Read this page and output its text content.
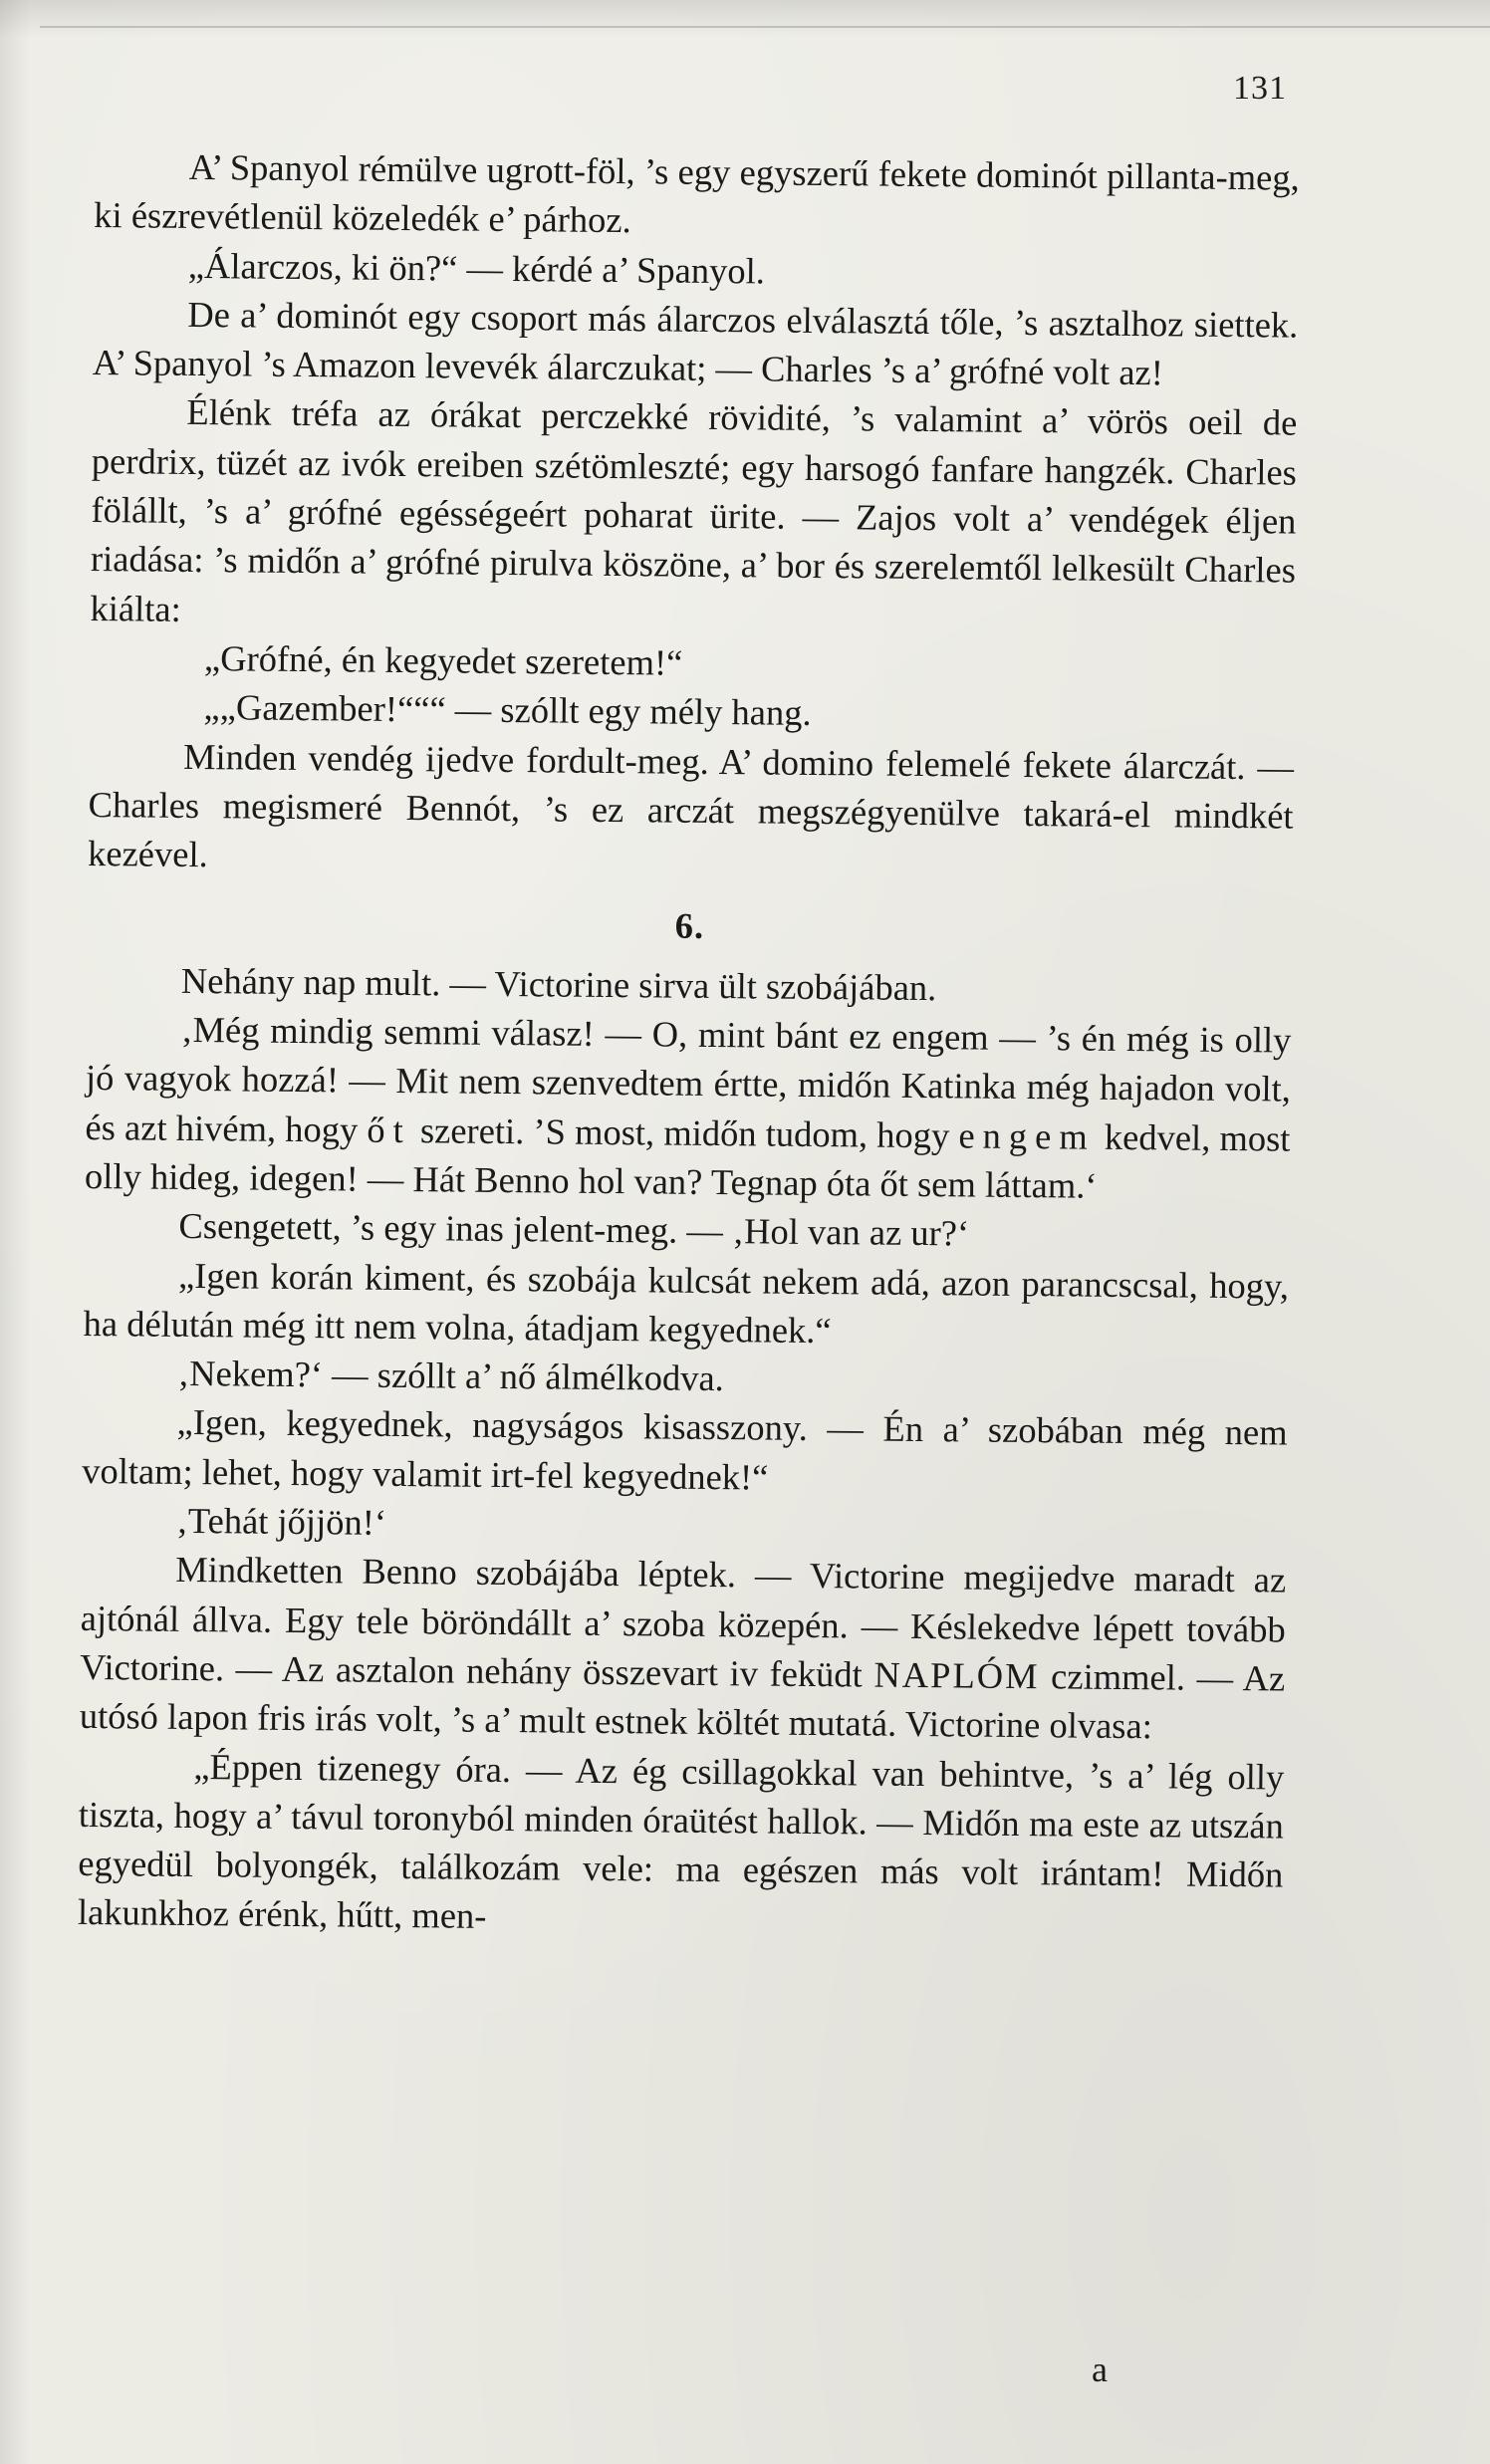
131

A’ Spanyol rémülve ugrott-föl, ’s egy egyszerű fekete dominót pillanta-meg, ki észrevétlenül közeledék e’ párhoz.

„Álarczos, ki ön?“ — kérdé a’ Spanyol.

De a’ dominót egy csoport más álarczos elválasztá tőle, ’s asztalhoz siettek. A’ Spanyol ’s Amazon levevék álarczukat; — Charles ’s a’ grófné volt az!

Élénk tréfa az órákat perczekké rövidité, ’s valamint a’ vörös oeil de perdrix, tüzét az ivók ereiben szétömleszté; egy harsogó fanfare hangzék. Charles fölállt, ’s a’ grófné egésségeért poharat ürite. — Zajos volt a’ vendégek éljen riadása: ’s midőn a’ grófné pirulva köszöne, a’ bor és szerelemtől lelkesült Charles kiálta:

„Grófné, én kegyedet szeretem!“

„„Gazember!“““ — szóllt egy mély hang.

Minden vendég ijedve fordult-meg. A’ domino felemelé fekete álarczát. — Charles megismeré Bennót, ’s ez arczát megszégyenülve takará-el mindkét kezével.

6.

Nehány nap mult. — Victorine sirva ült szobájában.

‚Még mindig semmi válasz! — O, mint bánt ez engem — ’s én még is olly jó vagyok hozzá! — Mit nem szenvedtem értte, midőn Katinka még hajadon volt, és azt hivém, hogy őt szereti. ’S most, midőn tudom, hogy engem kedvel, most olly hideg, idegen! — Hát Benno hol van? Tegnap óta őt sem láttam.‘

Csengetett, ’s egy inas jelent-meg. — ‚Hol van az ur?‘

„Igen korán kiment, és szobája kulcsát nekem adá, azon parancscsal, hogy, ha délután még itt nem volna, átadjam kegyednek.“

‚Nekem?‘ — szóllt a’ nő álmélkodva.

„Igen, kegyednek, nagyságos kisasszony. — Én a’ szobában még nem voltam; lehet, hogy valamit irt-fel kegyednek!“

‚Tehát jőjjön!‘

Mindketten Benno szobájába léptek. — Victorine megijedve maradt az ajtónál állva. Egy tele böröndállt a’ szoba közepén. — Késlekedve lépett tovább Victorine. — Az asztalon nehány összevart iv feküdt NAPLÓM czimmel. — Az utósó lapon fris irás volt, ’s a’ mult estnek költét mutatá. Victorine olvasa:

„Éppen tizenegy óra. — Az ég csillagokkal van behintve, ’s a’ lég olly tiszta, hogy a’ távul toronyból minden óraütést hallok. — Midőn ma este az utszán egyedül bolyongék, találkozám vele: ma egészen más volt irántam! Midőn lakunkhoz érénk, hűtt, men-

a
